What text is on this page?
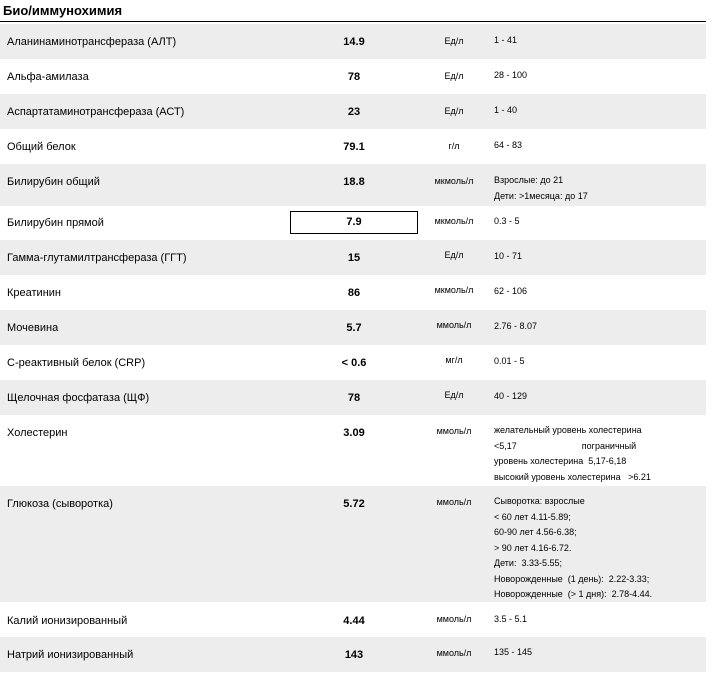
Био/иммунохимия
Аланинаминотрансфераза (АЛТ)	14.9	Ед/л	1 - 41
Альфа-амилаза	78	Ед/л	28 - 100
Аспартатаминотрансфераза (АСТ)	23	Ед/л	1 - 40
Общий белок	79.1	г/л	64 - 83
Билирубин общий	18.8	мкмоль/л	Взрослые: до 21
Дети: >1месяца: до 17
Билирубин прямой	7.9	мкмоль/л	0.3 - 5
Гамма-глутамилтрансфераза (ГГТ)	15	Ед/л	10 - 71
Креатинин	86	мкмоль/л	62 - 106
Мочевина	5.7	ммоль/л	2.76 - 8.07
С-реактивный белок (CRP)	< 0.6	мг/л	0.01 - 5
Щелочная фосфатаза (ЩФ)	78	Ед/л	40 - 129
Холестерин	3.09	ммоль/л	желательный уровень холестерина
<5,17                          пограничный
уровень холестерина  5,17-6,18
высокий уровень холестерина   >6.21
Глюкоза (сыворотка)	5.72	ммоль/л	Сыворотка: взрослые
< 60 лет 4.11-5.89;
60-90 лет 4.56-6.38;
> 90 лет 4.16-6.72.
Дети:  3.33-5.55;
Новорожденные  (1 день):  2.22-3.33;
Новорожденные  (> 1 дня):  2.78-4.44.
Калий ионизированный	4.44	ммоль/л	3.5 - 5.1
Натрий ионизированный	143	ммоль/л	135 - 145
